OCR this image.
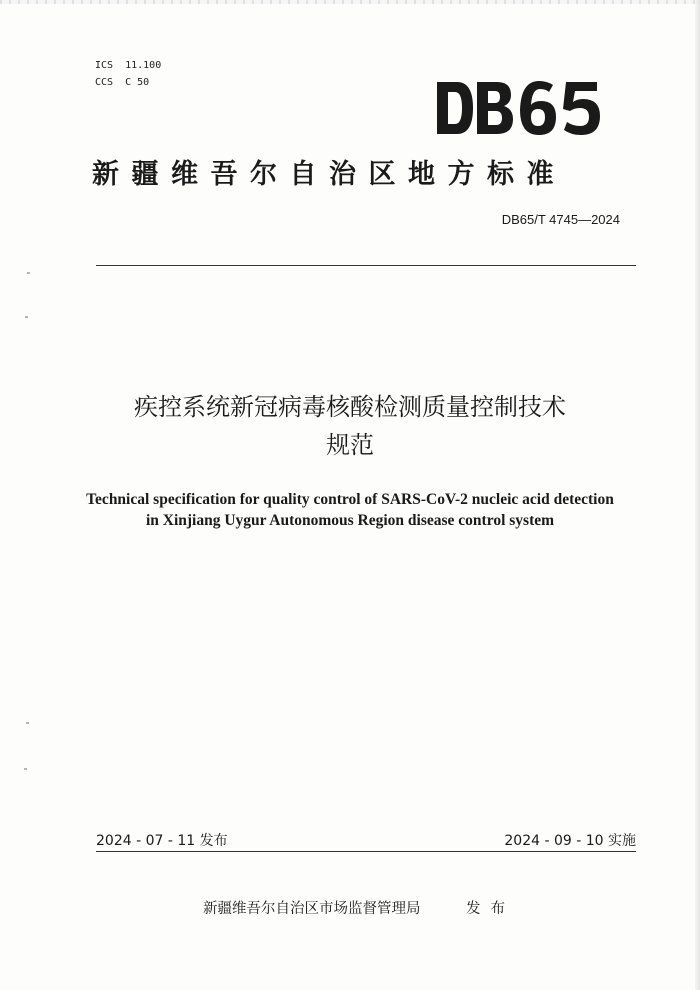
ICS  11.100
CCS  C 50
新疆维吾尔自治区地方标准
DB65/T 4745—2024
疾控系统新冠病毒核酸检测质量控制技术
规范
Technical specification for quality control of SARS-CoV-2 nucleic acid detection
in Xinjiang Uygur Autonomous Region disease control system
2024 - 07 - 11 发布	2024 - 09 - 10 实施
新疆维吾尔自治区市场监督管理局	发布
